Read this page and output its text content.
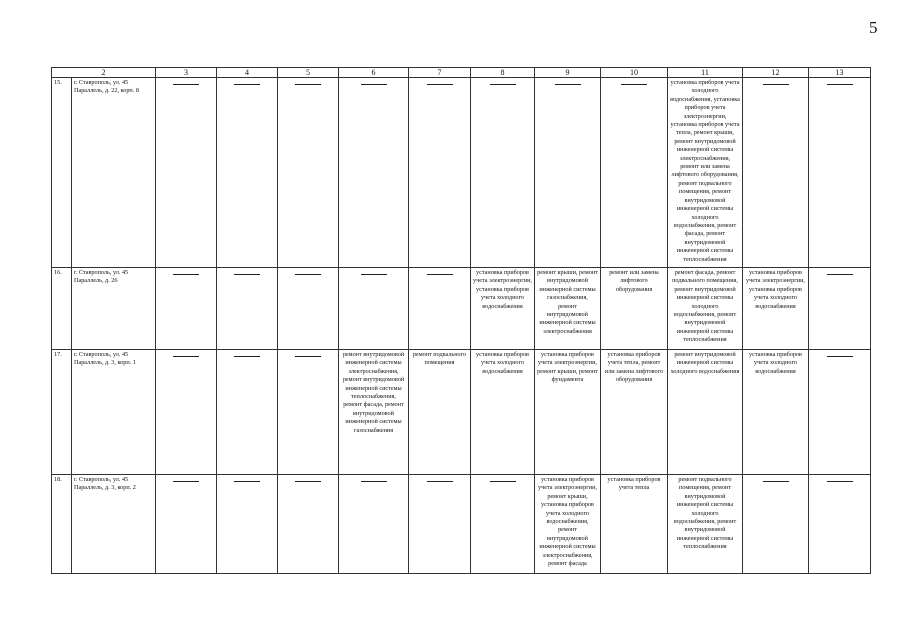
5
2		3	4	5	6	7	8	9	10	11	12	13
15.	г. Ставрополь, ул. 45 Параллель, д. 22, корп. 8									установка приборов учета холодного водоснабжения, установка приборов учета электроэнергии, установка приборов учета тепла, ремонт крыши, ремонт внутридомовой инженерной системы электроснабжения, ремонт или замена лифтового оборудования, ремонт подвального помещения, ремонт внутридомовой инженерной системы холодного водоснабжения, ремонт фасада, ремонт внутридомовой инженерной системы теплоснабжения	

16.	г. Ставрополь, ул. 45 Параллель, д. 26						установка приборов учета электроэнергии, установка приборов учета холодного водоснабжения	ремонт крыши, ремонт внутридомовой инженерной системы газоснабжения, ремонт внутридомовой инженерной системы электроснабжения	ремонт или замена лифтового оборудования	ремонт фасада, ремонт подвального помещения, ремонт внутридомовой инженерной системы холодного водоснабжения, ремонт внутридомовой инженерной системы теплоснабжения	установка приборов учета электроэнергии, установка приборов учета холодного водоснабжения	

17.	г. Ставрополь, ул. 45 Параллель, д. 3, корп. 1				ремонт внутридомовой инженерной системы электроснабжения, ремонт внутридомовой инженерной системы теплоснабжения, ремонт фасада, ремонт внутридомовой инженерной системы газоснабжения	ремонт подвального помещения	установка приборов учета холодного водоснабжения	установка приборов учета электроэнергии, ремонт крыши, ремонт фундамента	установка приборов учета тепла, ремонт или замена лифтового оборудования	ремонт внутридомовой инженерной системы холодного водоснабжения	установка приборов учета холодного водоснабжения	

18.	г. Ставрополь, ул. 45 Параллель, д. 3, корп. 2							установка приборов учета электроэнергии, ремонт крыши, установка приборов учета холодного водоснабжения, ремонт внутридомовой инженерной системы электроснабжения, ремонт фасада	установка приборов учета тепла	ремонт подвального помещения, ремонт внутридомовой инженерной системы холодного водоснабжения, ремонт внутридомовой инженерной системы теплоснабжения	
